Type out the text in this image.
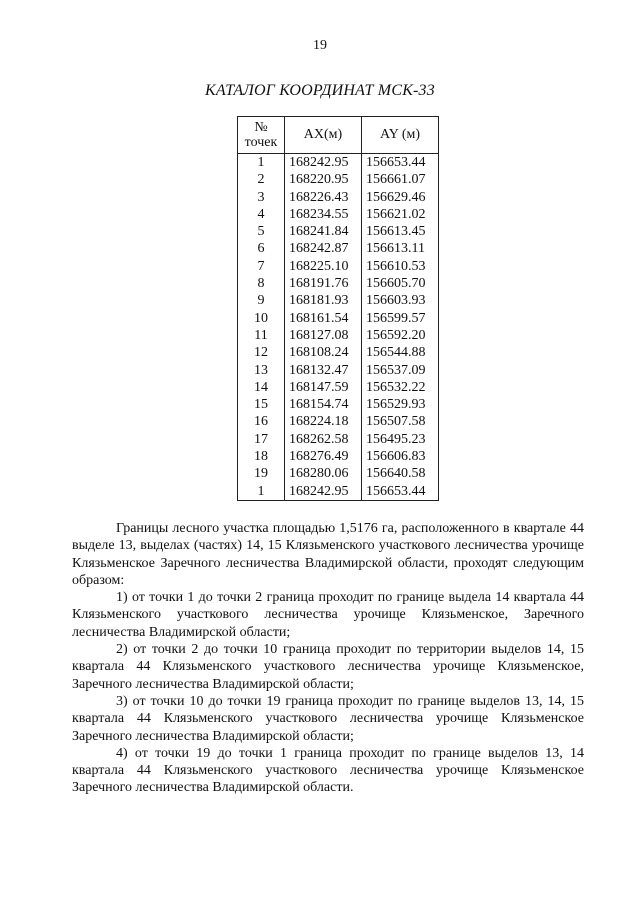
19
КАТАЛОГ КООРДИНАТ МСК-33
№ точек	AX(м)	AY (м)
1	168242.95	156653.44
2	168220.95	156661.07
3	168226.43	156629.46
4	168234.55	156621.02
5	168241.84	156613.45
6	168242.87	156613.11
7	168225.10	156610.53
8	168191.76	156605.70
9	168181.93	156603.93
10	168161.54	156599.57
11	168127.08	156592.20
12	168108.24	156544.88
13	168132.47	156537.09
14	168147.59	156532.22
15	168154.74	156529.93
16	168224.18	156507.58
17	168262.58	156495.23
18	168276.49	156606.83
19	168280.06	156640.58
1	168242.95	156653.44

Границы лесного участка площадью 1,5176 га, расположенного в квартале 44 выделе 13, выделах (частях) 14, 15 Клязьменского участкового лесничества урочище Клязьменское Заречного лесничества Владимирской области, проходят следующим образом:

1) от точки 1 до точки 2 граница проходит по границе выдела 14 квартала 44 Клязьменского участкового лесничества урочище Клязьменское, Заречного лесничества Владимирской области;

2) от точки 2 до точки 10 граница проходит по территории выделов 14, 15 квартала 44 Клязьменского участкового лесничества урочище Клязьменское, Заречного лесничества Владимирской области;

3) от точки 10 до точки 19 граница проходит по границе выделов 13, 14, 15 квартала 44 Клязьменского участкового лесничества урочище Клязьменское Заречного лесничества Владимирской области;

4) от точки 19 до точки 1 граница проходит по границе выделов 13, 14 квартала 44 Клязьменского участкового лесничества урочище Клязьменское Заречного лесничества Владимирской области.
